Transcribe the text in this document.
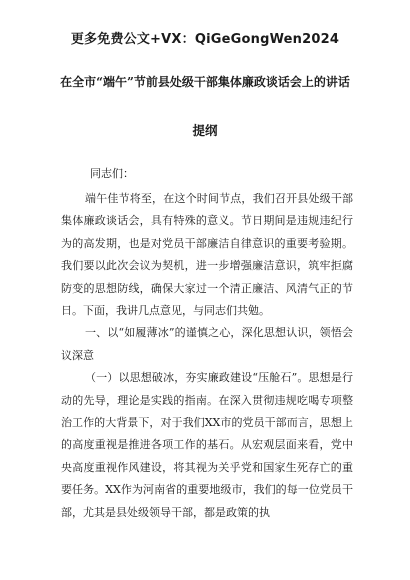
更多免费公文+VX：QiGeGongWen2024
在全市“端午”节前县处级干部集体廉政谈话会上的讲话
提纲
同志们：

端午佳节将至，在这个时间节点，我们召开县处级干部集体廉政谈话会，具有特殊的意义。节日期间是违规违纪行为的高发期，也是对党员干部廉洁自律意识的重要考验期。我们要以此次会议为契机，进一步增强廉洁意识，筑牢拒腐防变的思想防线，确保大家过一个清正廉洁、风清气正的节日。下面，我讲几点意见，与同志们共勉。

一、以“如履薄冰”的谨慎之心，深化思想认识，领悟会议深意

（一）以思想破冰，夯实廉政建设“压舱石”。思想是行动的先导，理论是实践的指南。在深入贯彻违规吃喝专项整治工作的大背景下，对于我们XX市的党员干部而言，思想上的高度重视是推进各项工作的基石。从宏观层面来看，党中央高度重视作风建设，将其视为关乎党和国家生死存亡的重要任务。XX作为河南省的重要地级市，我们的每一位党员干部，尤其是县处级领导干部，都是政策的执
